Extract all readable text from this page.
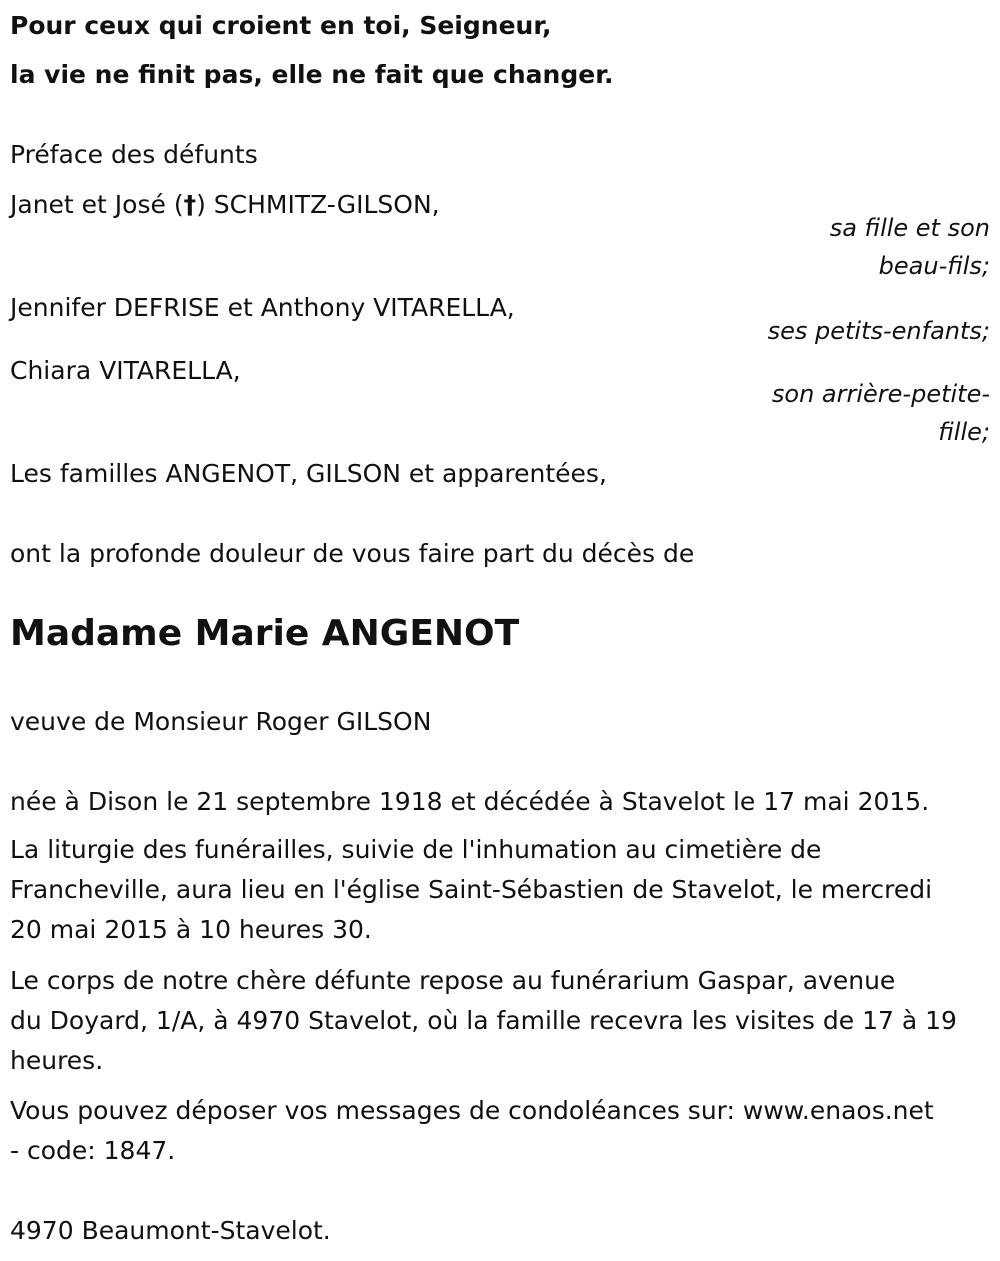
Pour ceux qui croient en toi, Seigneur,
la vie ne finit pas, elle ne fait que changer.
Préface des défunts
Janet et José (†) SCHMITZ-GILSON,
sa fille et son
beau-fils;
Jennifer DEFRISE et Anthony VITARELLA,
ses petits-enfants;
Chiara VITARELLA,
son arrière-petite-
fille;
Les familles ANGENOT, GILSON et apparentées,
ont la profonde douleur de vous faire part du décès de
Madame Marie ANGENOT
veuve de Monsieur Roger GILSON
née à Dison le 21 septembre 1918 et décédée à Stavelot le 17 mai 2015.
La liturgie des funérailles, suivie de l'inhumation au cimetière de
Francheville, aura lieu en l'église Saint-Sébastien de Stavelot, le mercredi
20 mai 2015 à 10 heures 30.
Le corps de notre chère défunte repose au funérarium Gaspar, avenue
du Doyard, 1/A, à 4970 Stavelot, où la famille recevra les visites de 17 à 19
heures.
Vous pouvez déposer vos messages de condoléances sur: www.enaos.net
- code: 1847.
4970 Beaumont-Stavelot.
